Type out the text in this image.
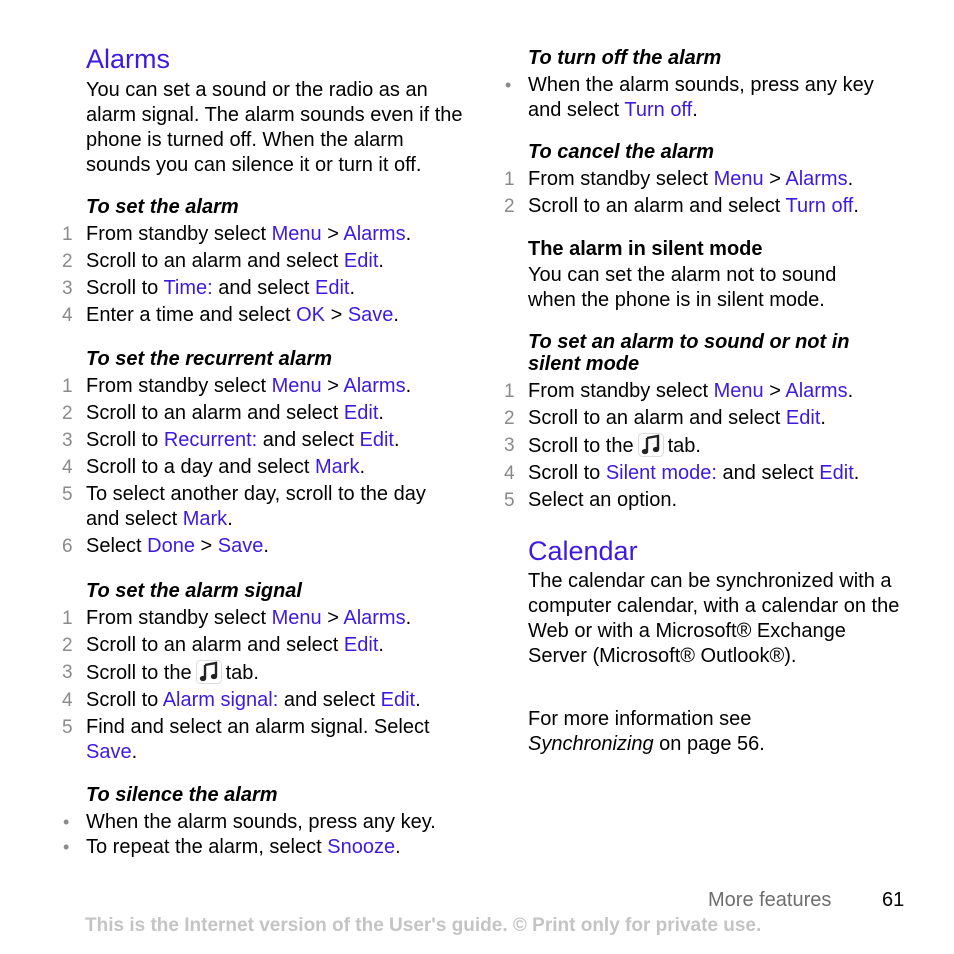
Alarms

You can set a sound or the radio as an alarm signal. The alarm sounds even if the phone is turned off. When the alarm sounds you can silence it or turn it off.

To set the alarm

1 From standby select Menu > Alarms.
2 Scroll to an alarm and select Edit.
3 Scroll to Time: and select Edit.
4 Enter a time and select OK > Save.

To set the recurrent alarm

1 From standby select Menu > Alarms.
2 Scroll to an alarm and select Edit.
3 Scroll to Recurrent: and select Edit.
4 Scroll to a day and select Mark.
5 To select another day, scroll to the day and select Mark.
6 Select Done > Save.

To set the alarm signal

1 From standby select Menu > Alarms.
2 Scroll to an alarm and select Edit.
3 Scroll to the tab.
4 Scroll to Alarm signal: and select Edit.
5 Find and select an alarm signal. Select Save.

To silence the alarm

• When the alarm sounds, press any key.
• To repeat the alarm, select Snooze.

To turn off the alarm

• When the alarm sounds, press any key and select Turn off.

To cancel the alarm

1 From standby select Menu > Alarms.
2 Scroll to an alarm and select Turn off.

The alarm in silent mode

You can set the alarm not to sound when the phone is in silent mode.

To set an alarm to sound or not in silent mode

1 From standby select Menu > Alarms.
2 Scroll to an alarm and select Edit.
3 Scroll to the tab.
4 Scroll to Silent mode: and select Edit.
5 Select an option.
Calendar

The calendar can be synchronized with a computer calendar, with a calendar on the Web or with a Microsoft® Exchange Server (Microsoft® Outlook®).

For more information see
Synchronizing on page 56.

More features	61
This is the Internet version of the User's guide. © Print only for private use.
